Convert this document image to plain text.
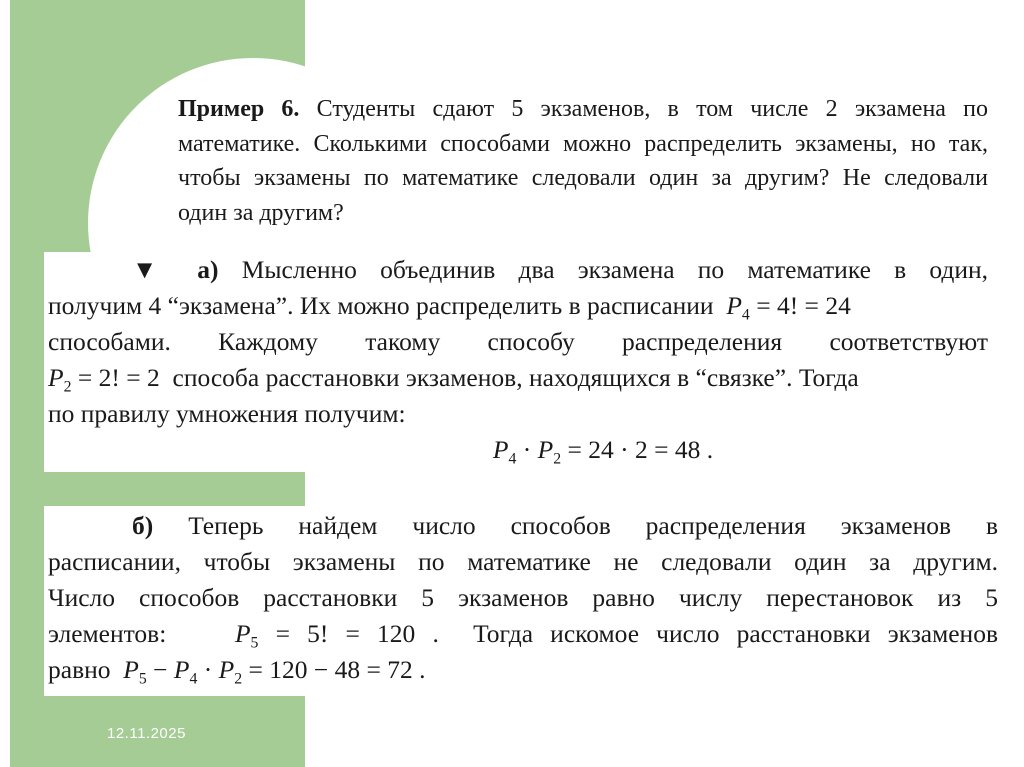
Пример 6. Студенты сдают 5 экзаменов, в том числе 2 экзамена по
математике. Сколькими способами можно распределить экзамены, но так,
чтобы экзамены по математике следовали один за другим? Не следовали
один за другим?
▼ а) Мысленно объединив два экзамена по математике в один,
получим 4 “экзамена”. Их можно распределить в расписании $P_4 = 4$! = 24
способами. Каждому такому способу распределения соответствуют
$P_2 = 2$! = 2 способа расстановки экзаменов, находящихся в “связке”. Тогда
по правилу умножения получим:
$P_4 \cdot P_2 = 24 \cdot 2 = 48$ .
б) Теперь найдем число способов распределения экзаменов в
расписании, чтобы экзамены по математике не следовали один за другим.
Число способов расстановки 5 экзаменов равно числу перестановок из 5
элементов:	$P_5 = 5$! = 120 . Тогда искомое число расстановки экзаменов
равно $P_5 - P_4 \cdot P_2 = 120 - 48 = 72$ .
12.11.2025
